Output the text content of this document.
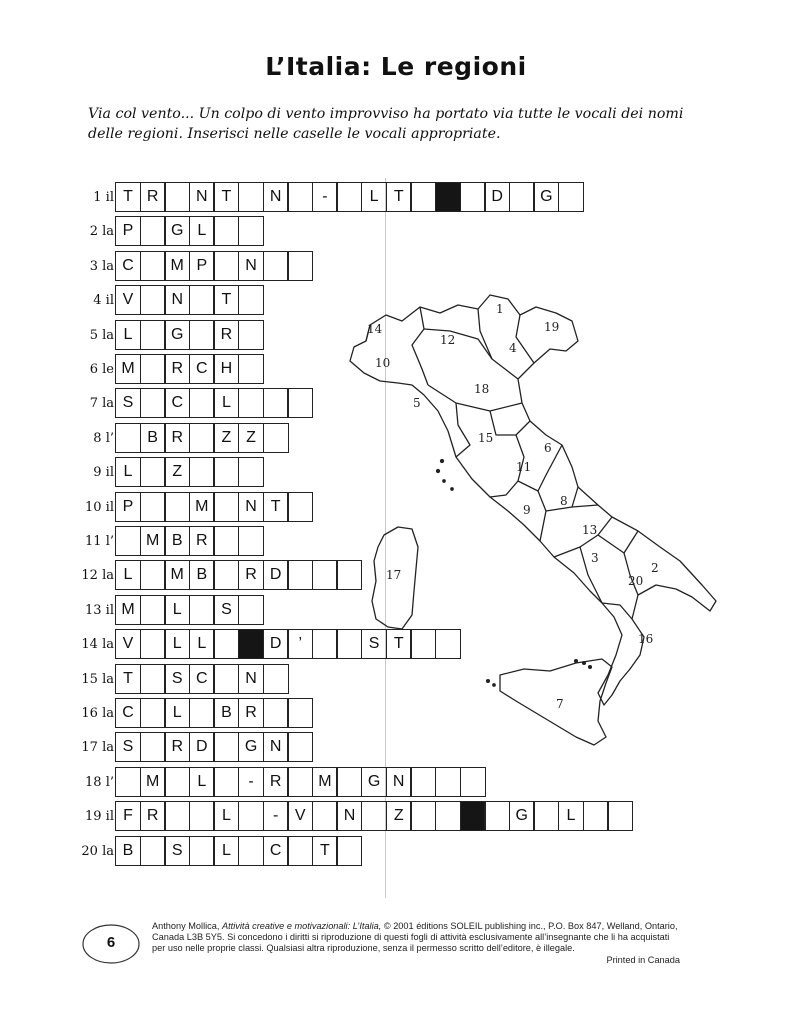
L’Italia: Le regioni
Via col vento... Un colpo di vento improvviso ha portato via tutte le vocali dei nomi delle regioni. Inserisci nelle caselle le vocali appropriate.
1 il T R	N T	N	-	L T	D	G
2 la P	G L
3 la C	M P	N
4 il V	N	T
5 la L	G	R
6 le M	R C H
7 la S	C	L
8 l’	B R	Z Z
9 il L	Z
10 il P	M	N T
11 l’	M B R
12 la L	M B	R D
13 il M	L	S
14 la V	L L	D	’	S T
15 la T	S C	N
16 la C	L	B R
17 la S	R D	G N
18 l’	M	L	-	R	M	G N
19 il F R	L	-	V	N	Z	G	L
20 la B	S	L	C	T
1
2
3
4
5
6
7
8
9
10
11
12
13
14
15
16
17
18
19
20
6
Anthony Mollica, Attività creative e motivazionali: L’Italia, © 2001 éditions SOLEIL publishing inc., P.O. Box 847, Welland, Ontario, Canada L3B 5Y5. Si concedono i diritti si riproduzione di questi fogli di attività esclusivamente all’insegnante che li ha acquistati per uso nelle proprie classi. Qualsiasi altra riproduzione, senza il permesso scritto dell’editore, è illegale.
Printed in Canada
